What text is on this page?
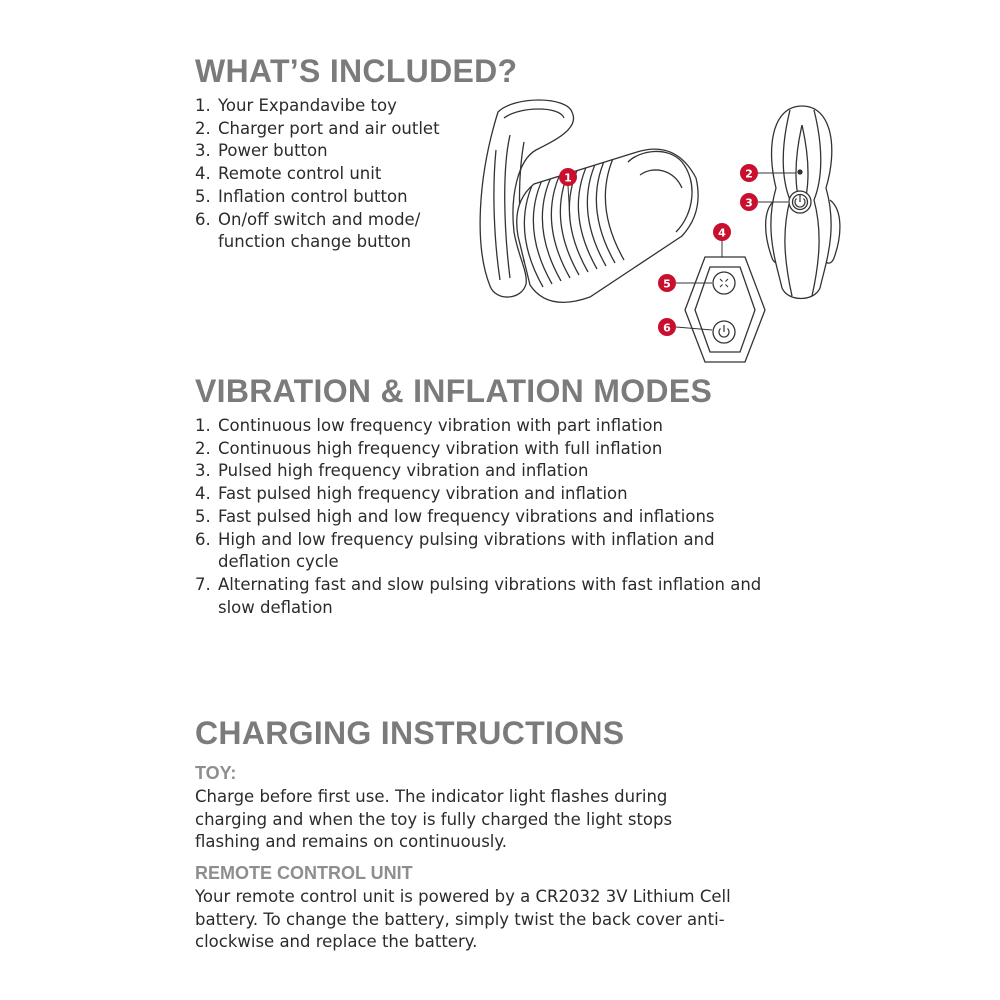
WHAT’S INCLUDED?
1. Your Expandavibe toy
2. Charger port and air outlet
3. Power button
4. Remote control unit
5. Inflation control button
6. On/off switch and mode/ function change button
1	2
3
4
5
6
VIBRATION & INFLATION MODES
1. Continuous low frequency vibration with part inflation
2. Continuous high frequency vibration with full inflation
3. Pulsed high frequency vibration and inflation
4. Fast pulsed high frequency vibration and inflation
5. Fast pulsed high and low frequency vibrations and inflations
6. High and low frequency pulsing vibrations with inflation and deflation cycle
7. Alternating fast and slow pulsing vibrations with fast inflation and slow deflation
CHARGING INSTRUCTIONS
TOY:

Charge before first use. The indicator light flashes during charging and when the toy is fully charged the light stops flashing and remains on continuously.

REMOTE CONTROL UNIT

Your remote control unit is powered by a CR2032 3V Lithium Cell battery. To change the battery, simply twist the back cover anti-clockwise and replace the battery.
